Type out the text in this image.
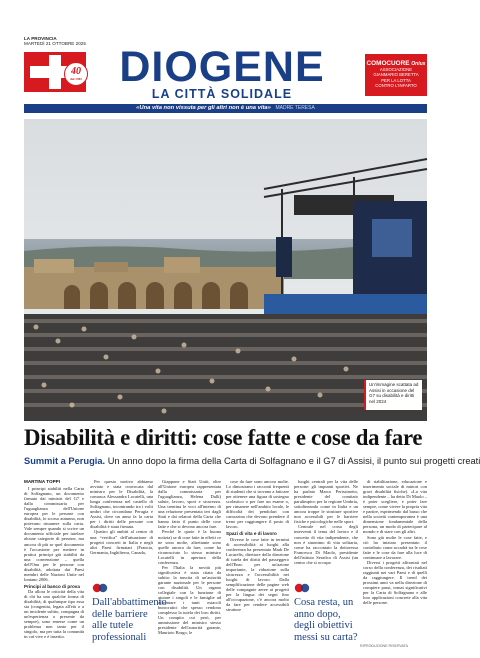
LA PROVINCIA
MARTEDÌ 21 OTTOBRE 2025
40
dal 1985 DIOGENE
LA CITTÀ SOLIDALE
COMOCUORE Onlus
ASSOCIAZIONE
GIANMARIO BERETTA
PER LA LOTTA
CONTRO L'INFARTO
«Una vita non vissuta per gli altri non è una vita» MADRE TERESA
Un'immagine scattata ad Assisi in occasione del G7 su disabilità e diritti nel 2024
Disabilità e diritti: cose fatte e cose da fare
Summit a Perugia. Un anno dopo la firma della Carta di Solfagnano e il G7 di Assisi, il punto sui progetti creati
MARTINA TOPPI

I principi stabiliti nella Carta di Solfagnano, un documento firmato dai ministri del G7 e dalla commissaria per l'uguaglianza dell'Unione europea per le persone con disabilità, lo scorso autunno, non potevano rimanere sulla carta. Vale sempre quando si scrive un documento ufficiale per tutelare alcune categorie di persone, ma ancora di più se quel documento è l'occasione per mettere in pratica principi già stabiliti da una convenzione – quella dell'Onu per le persone con disabilità, adottata dai Paesi membri delle Nazioni Unite nel lontano 2006.

Principi al banco di prova

Da allora le criticità della vita di chi ha una qualche forma di disabilità, di qualunque tipo essa sia (congenita, legata all'età o a un incidente subìto, compagna di un'esperienza o presente da sempre), sono emerse come un problema non tanto per il singolo, ma per tutta la comunità in cui vive e è inserito.

Per questo motivo abbiamo avviato e stata convocata dal ministro per le Disabilità, la comasca Alessandra Locatelli, una lunga conferenza nel castello di Solfagnano, incontrando tra i volti umbri che circondano Perugia e Assisi, dove un anno fa la carta per i diritti delle persone con disabilità è stata firmata.

Quattro gli ambiti al centro di una “verifica” dell'attuazione di progetti concreti in Italia e negli altri Paesi firmatari (Francia, Germania, Inghilterra, Canada,

Giappone e Stati Uniti, oltre all'Unione europea rappresentata dalla commissaria per l'uguaglianza, Helena Dalli) salute, lavoro, sport e sicurezza. Una trentina le voci all'interno di una relazione presentata ieri dagli Stati e dai relatori della Carta che hanno fatto il punto delle cose fatte e che si devono ancora fare.

Perché le quote è la buona notizia) se di cose fatte in effetti ce ne sono molte, altrettante sono quelle ancora da fare, come ha riconosciuto lo stesso ministro Locatelli in apertura della conferenza.

Per l'Italia la novità più significativa è stata citata da subito: la nascita di un'autorità garante nazionale per le persone con disabilità. Un organo collegiale con la funzione di aiutare i singoli e le famiglie ad affrontare i tanti ostacoli burocratici che spesso rendono complesso la tutela dei loro diritti. Un compito cui però, per ammissione del ministro stesso presidente dell'autorità garante, Maurizio Borgo, le

cose da fare sono ancora molte. Lo dimostrano i racconti frequenti di studenti che si trovano a faticare per ottenere una figura di sostegno scolastico o per fare un esame o, per rimanere nell'ambito locale, le difficoltà dei pendolari con carrozzina che devono prendere il treno per raggiungere il posto di lavoro.

Spazi di vita e di lavoro

Diverse le cose fatte in termini di accessibilità ai luoghi alla conferenza ha presentato Mark De Lucarelis, direttore della direzione di tutela dei diritti del passeggero dell'Enac per un'azione importante, la riduzione sulla sicurezza e l'accessibilità nei luoghi di lavoro. Dalla semplificazione delle pagine web delle compagnie aeree ai progetti per la lingua dei segni fino all'occupazione, c'è ancora molto da fare per rendere accessibili strutture

luoghi centrali per la vita delle persone: gli impianti sportivi. Ne ha parlato Marco Perissinotto, presidente del comitato paralimpico per la regione Umbria, sottolineando come in Italia e un ancora troppe le strutture sportive non accessibili per le barriere fisiche e psicologiche nelle sport.

Centrale nel corso degli interventi il tema del lavoro e il concetto di vita indipendente, che non è sinonimo di vita solitaria, come ha raccontato la dottoressa Francesca Di Maolo, presidente dell'istituto Serafico di Assisi (un centro che si occupa

di riabilitazione, educazione e inserimento sociale di minori con gravi disabilità fisiche). «La vita indipendente – ha detto Di Maolo – è poter scegliere, e poter fare sempre, come vivere la propria vita e partire, esprimendo dal basso che nella società contemporanea è una dimensione fondamentale della persona, un modo di partecipare al mondo e di stare con gli altri.

Sono già molte le cose fatte, e ciò ha iniziato presentato il contributo come accadrà tra le cose fatte e le cose da fare alla luce di continuare a lavorare.

Diversi i progetti affrontati nel corso della conferenza, dei risultati raggiunti nei vari Paesi e di quelli da raggiungere. Il trend dei prossimi anni va nella direzione di compiere passi, ormai significativi per la Carta di Solfagnano e alle loro applicazioni concrete alla vita delle persone.

Dall'abbattimento delle barriere alle tutele professionali
Cosa resta, un anno dopo, degli obiettivi messi su carta?
RIPRODUZIONE RISERVATA
